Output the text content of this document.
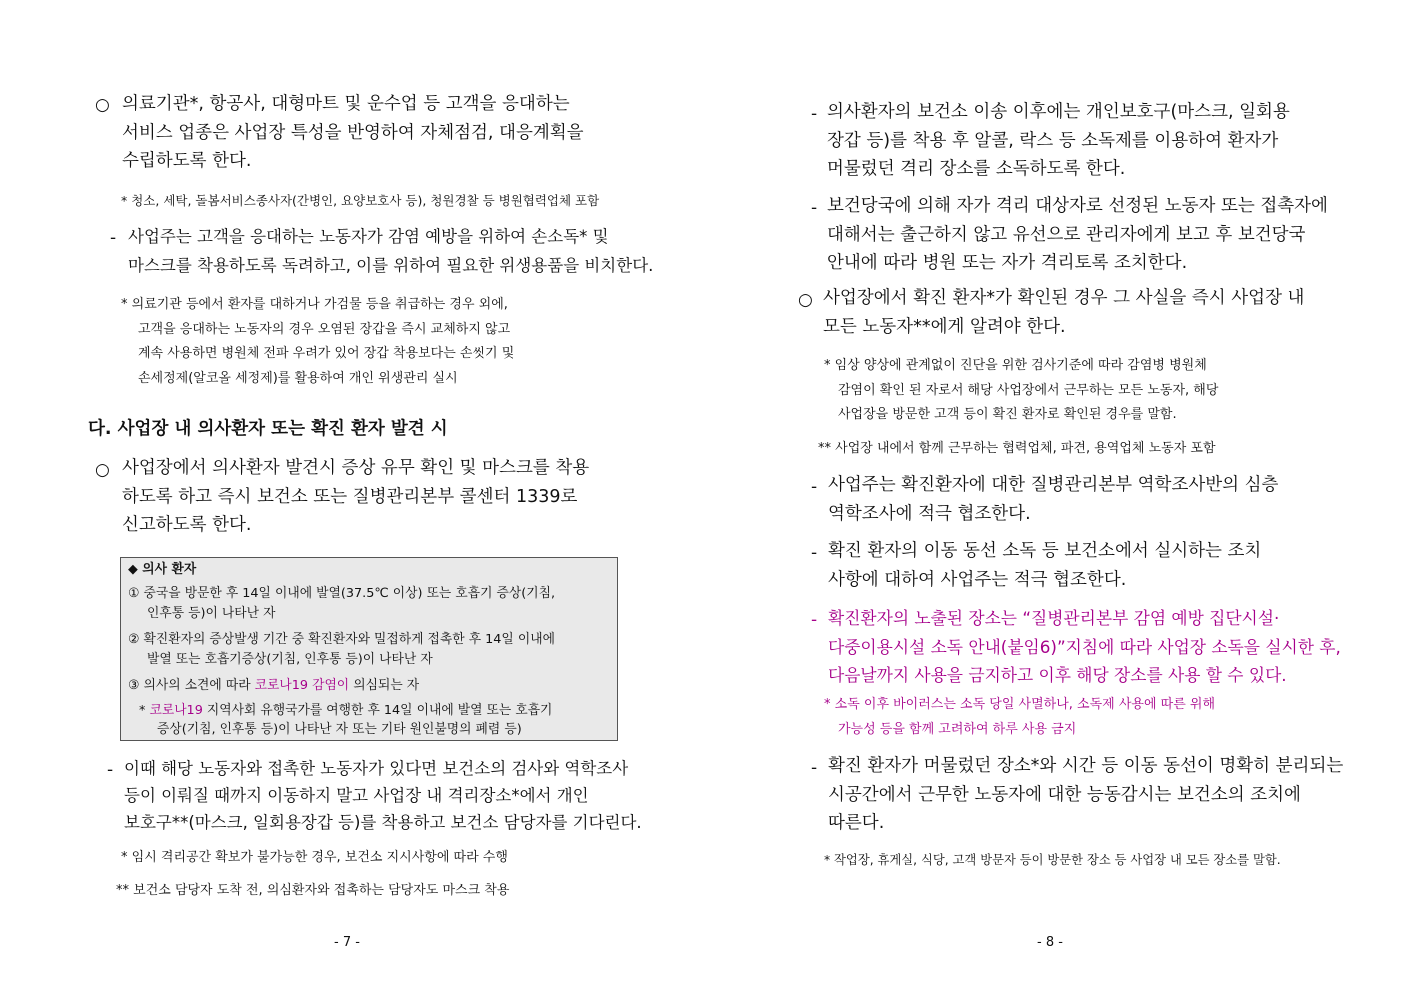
○ 의료기관*, 항공사, 대형마트 및 운수업 등 고객을 응대하는
서비스 업종은 사업장 특성을 반영하여 자체점검, 대응계획을
수립하도록 한다.
* 청소, 세탁, 돌봄서비스종사자(간병인, 요양보호사 등), 청원경찰 등 병원협력업체 포함
- 사업주는 고객을 응대하는 노동자가 감염 예방을 위하여 손소독* 및
마스크를 착용하도록 독려하고, 이를 위하여 필요한 위생용품을 비치한다.
* 의료기관 등에서 환자를 대하거나 가검물 등을 취급하는 경우 외에,
고객을 응대하는 노동자의 경우 오염된 장갑을 즉시 교체하지 않고
계속 사용하면 병원체 전파 우려가 있어 장갑 착용보다는 손씻기 및
손세정제(알코올 세정제)를 활용하여 개인 위생관리 실시
다. 사업장 내 의사환자 또는 확진 환자 발견 시
○ 사업장에서 의사환자 발견시 증상 유무 확인 및 마스크를 착용
하도록 하고 즉시 보건소 또는 질병관리본부 콜센터 1339로
신고하도록 한다.
◆ 의사 환자
① 중국을 방문한 후 14일 이내에 발열(37.5℃ 이상) 또는 호흡기 증상(기침,
인후통 등)이 나타난 자
② 확진환자의 증상발생 기간 중 확진환자와 밀접하게 접촉한 후 14일 이내에
발열 또는 호흡기증상(기침, 인후통 등)이 나타난 자
③ 의사의 소견에 따라 코로나19 감염이 의심되는 자
* 코로나19 지역사회 유행국가를 여행한 후 14일 이내에 발열 또는 호흡기
증상(기침, 인후통 등)이 나타난 자 또는 기타 원인불명의 폐렴 등)
- 이때 해당 노동자와 접촉한 노동자가 있다면 보건소의 검사와 역학조사
등이 이뤄질 때까지 이동하지 말고 사업장 내 격리장소*에서 개인
보호구**(마스크, 일회용장갑 등)를 착용하고 보건소 담당자를 기다린다.
* 임시 격리공간 확보가 불가능한 경우, 보건소 지시사항에 따라 수행
** 보건소 담당자 도착 전, 의심환자와 접촉하는 담당자도 마스크 착용
- 7 -
- 의사환자의 보건소 이송 이후에는 개인보호구(마스크, 일회용
장갑 등)를 착용 후 알콜, 락스 등 소독제를 이용하여 환자가
머물렀던 격리 장소를 소독하도록 한다.
- 보건당국에 의해 자가 격리 대상자로 선정된 노동자 또는 접촉자에
대해서는 출근하지 않고 유선으로 관리자에게 보고 후 보건당국
안내에 따라 병원 또는 자가 격리토록 조치한다.
○ 사업장에서 확진 환자*가 확인된 경우 그 사실을 즉시 사업장 내
모든 노동자**에게 알려야 한다.
* 임상 양상에 관계없이 진단을 위한 검사기준에 따라 감염병 병원체
감염이 확인 된 자로서 해당 사업장에서 근무하는 모든 노동자, 해당
사업장을 방문한 고객 등이 확진 환자로 확인된 경우를 말함.
** 사업장 내에서 함께 근무하는 협력업체, 파견, 용역업체 노동자 포함
- 사업주는 확진환자에 대한 질병관리본부 역학조사반의 심층
역학조사에 적극 협조한다.
- 확진 환자의 이동 동선 소독 등 보건소에서 실시하는 조치
사항에 대하여 사업주는 적극 협조한다.
- 확진환자의 노출된 장소는 “질병관리본부 감염 예방 집단시설·
다중이용시설 소독 안내(붙임6)”지침에 따라 사업장 소독을 실시한 후,
다음날까지 사용을 금지하고 이후 해당 장소를 사용 할 수 있다.
* 소독 이후 바이러스는 소독 당일 사멸하나, 소독제 사용에 따른 위해
가능성 등을 함께 고려하여 하루 사용 금지
- 확진 환자가 머물렀던 장소*와 시간 등 이동 동선이 명확히 분리되는
시공간에서 근무한 노동자에 대한 능동감시는 보건소의 조치에
따른다.
* 작업장, 휴게실, 식당, 고객 방문자 등이 방문한 장소 등 사업장 내 모든 장소를 말함.
- 8 -
